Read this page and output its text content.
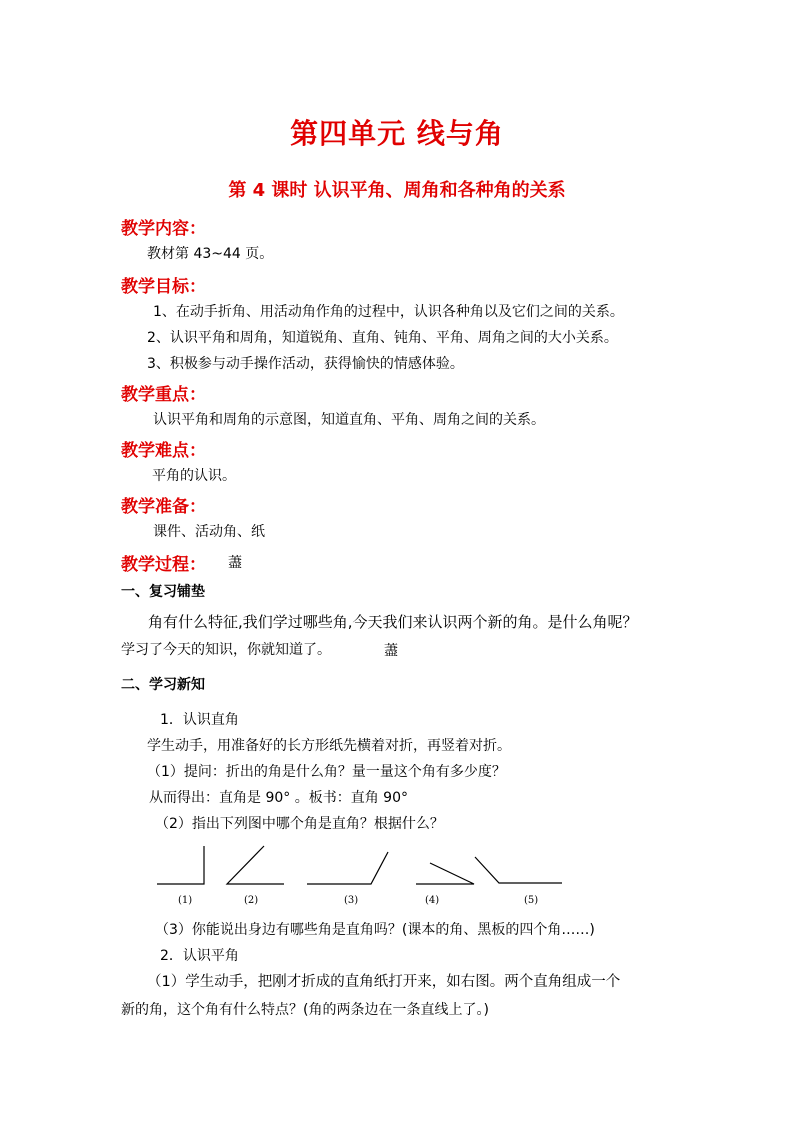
第四单元 线与角
第 4 课时 认识平角、周角和各种角的关系
教学内容：
教材第 43~44 页。
教学目标：
1、在动手折角、用活动角作角的过程中，认识各种角以及它们之间的关系。
2、认识平角和周角，知道锐角、直角、钝角、平角、周角之间的大小关系。
3、积极参与动手操作活动，获得愉快的情感体验。
教学重点：
认识平角和周角的示意图，知道直角、平角、周角之间的关系。
教学难点：
平角的认识。
教学准备：
课件、活动角、纸
教学过程： 藎
一、复习铺垫
角有什么特征,我们学过哪些角,今天我们来认识两个新的角。是什么角呢？
学习了今天的知识，你就知道了。	藎
二、学习新知
1．认识直角
学生动手，用准备好的长方形纸先横着对折，再竖着对折。
（1）提问：折出的角是什么角？量一量这个角有多少度？
从而得出：直角是 90° 。板书：直角 90°
（2）指出下列图中哪个角是直角？根据什么？
(1)	(2)	(3)	(4)	(5)
（3）你能说出身边有哪些角是直角吗？(课本的角、黑板的四个角……)
2．认识平角
（1）学生动手，把刚才折成的直角纸打开来，如右图。两个直角组成一个
新的角，这个角有什么特点？(角的两条边在一条直线上了。)
